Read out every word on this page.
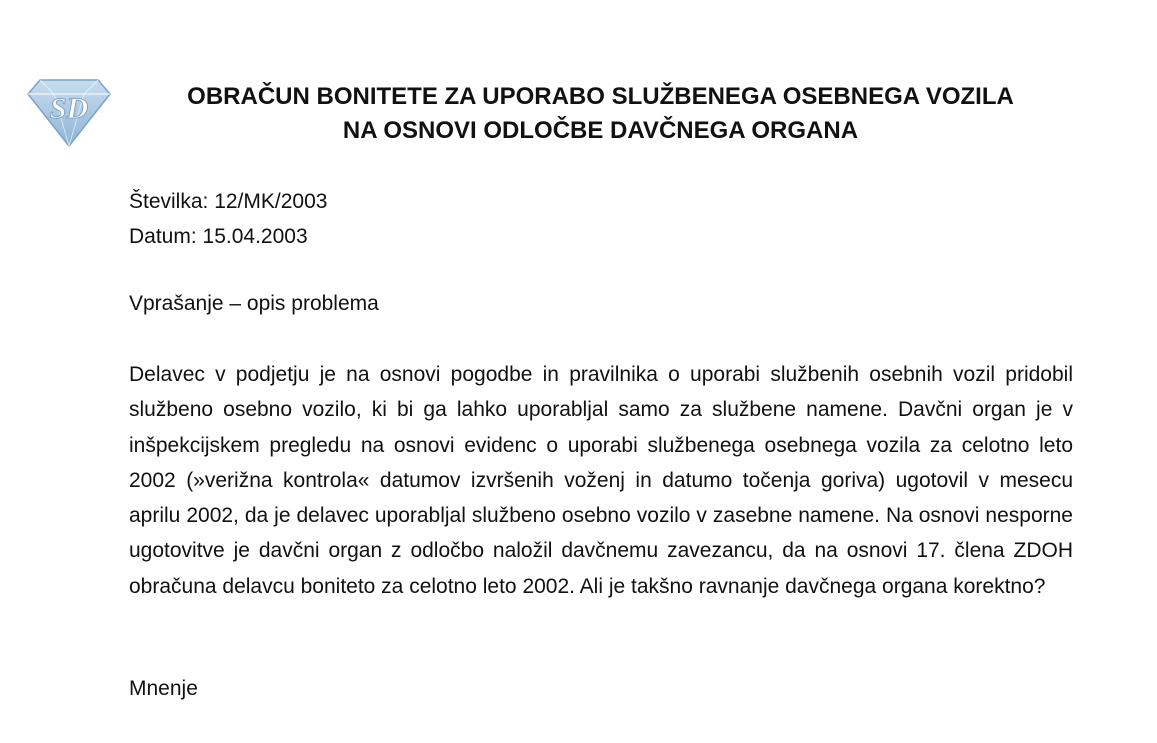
SD	OBRAČUN BONITETE ZA UPORABO SLUŽBENEGA OSEBNEGA VOZILA
NA OSNOVI ODLOČBE DAVČNEGA ORGANA
Številka: 12/MK/2003
Datum: 15.04.2003
Vprašanje – opis problema
Delavec v podjetju je na osnovi pogodbe in pravilnika o uporabi službenih osebnih vozil pridobil službeno osebno vozilo, ki bi ga lahko uporabljal samo za službene namene. Davčni organ je v inšpekcijskem pregledu na osnovi evidenc o uporabi službenega osebnega vozila za celotno leto 2002 (»verižna kontrola« datumov izvršenih voženj in datumo točenja goriva) ugotovil v mesecu aprilu 2002, da je delavec uporabljal službeno osebno vozilo v zasebne namene. Na osnovi nesporne ugotovitve je davčni organ z odločbo naložil davčnemu zavezancu, da na osnovi 17. člena ZDOH obračuna delavcu boniteto za celotno leto 2002. Ali je takšno ravnanje davčnega organa korektno?
Mnenje
